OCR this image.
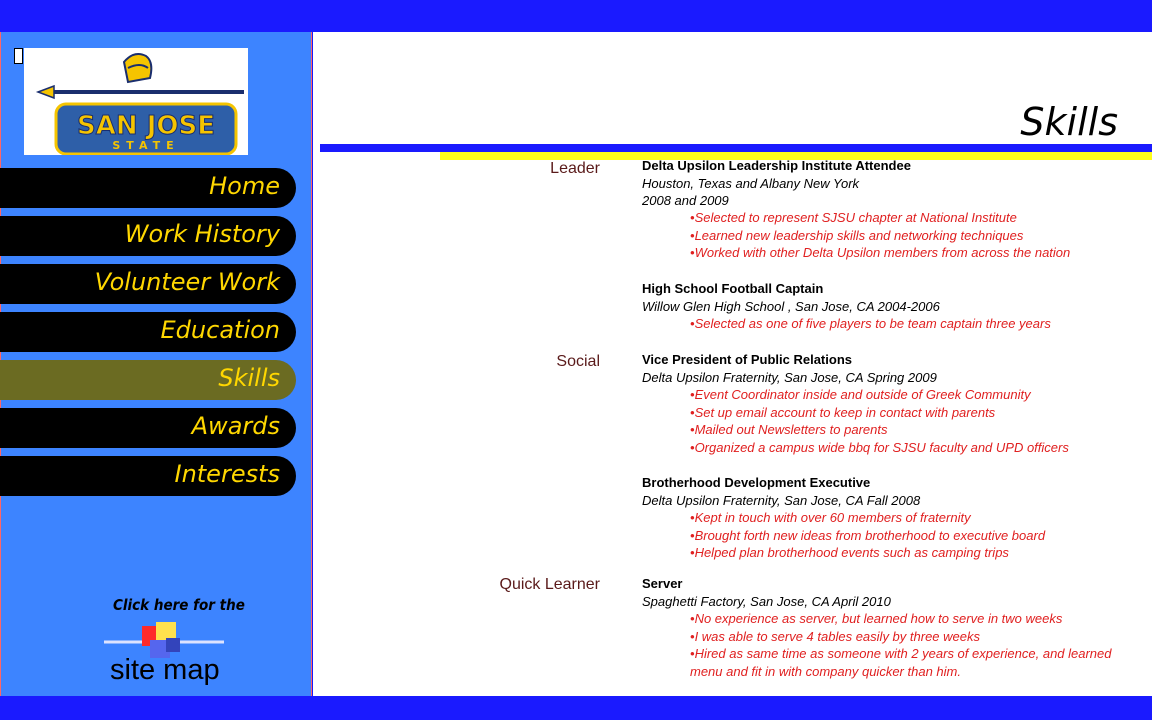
SAN JOSE
STATE
Home
Work History
Volunteer Work
Education
Skills
Awards
Interests
Click here for the
site map
Skills
Leader
Social
Quick Learner
Delta Upsilon Leadership Institute Attendee
Houston, Texas and Albany New York
2008 and 2009
• Selected to represent SJSU chapter at National Institute
• Learned new leadership skills and networking techniques
• Worked with other Delta Upsilon members from across the nation
High School Football Captain
Willow Glen High School , San Jose, CA 2004-2006
• Selected as one of five players to be team captain three years
Vice President of Public Relations
Delta Upsilon Fraternity, San Jose, CA Spring 2009
• Event Coordinator inside and outside of Greek Community
• Set up email account to keep in contact with parents
• Mailed out Newsletters to parents
• Organized a campus wide bbq for SJSU faculty and UPD officers
Brotherhood Development Executive
Delta Upsilon Fraternity, San Jose, CA Fall 2008
• Kept in touch with over 60 members of fraternity
• Brought forth new ideas from brotherhood to executive board
• Helped plan brotherhood events such as camping trips
Server
Spaghetti Factory, San Jose, CA April 2010
• No experience as server, but learned how to serve in two weeks
• I was able to serve 4 tables easily by three weeks
• Hired as same time as someone with 2 years of experience, and learned menu and fit in with company quicker than him.
